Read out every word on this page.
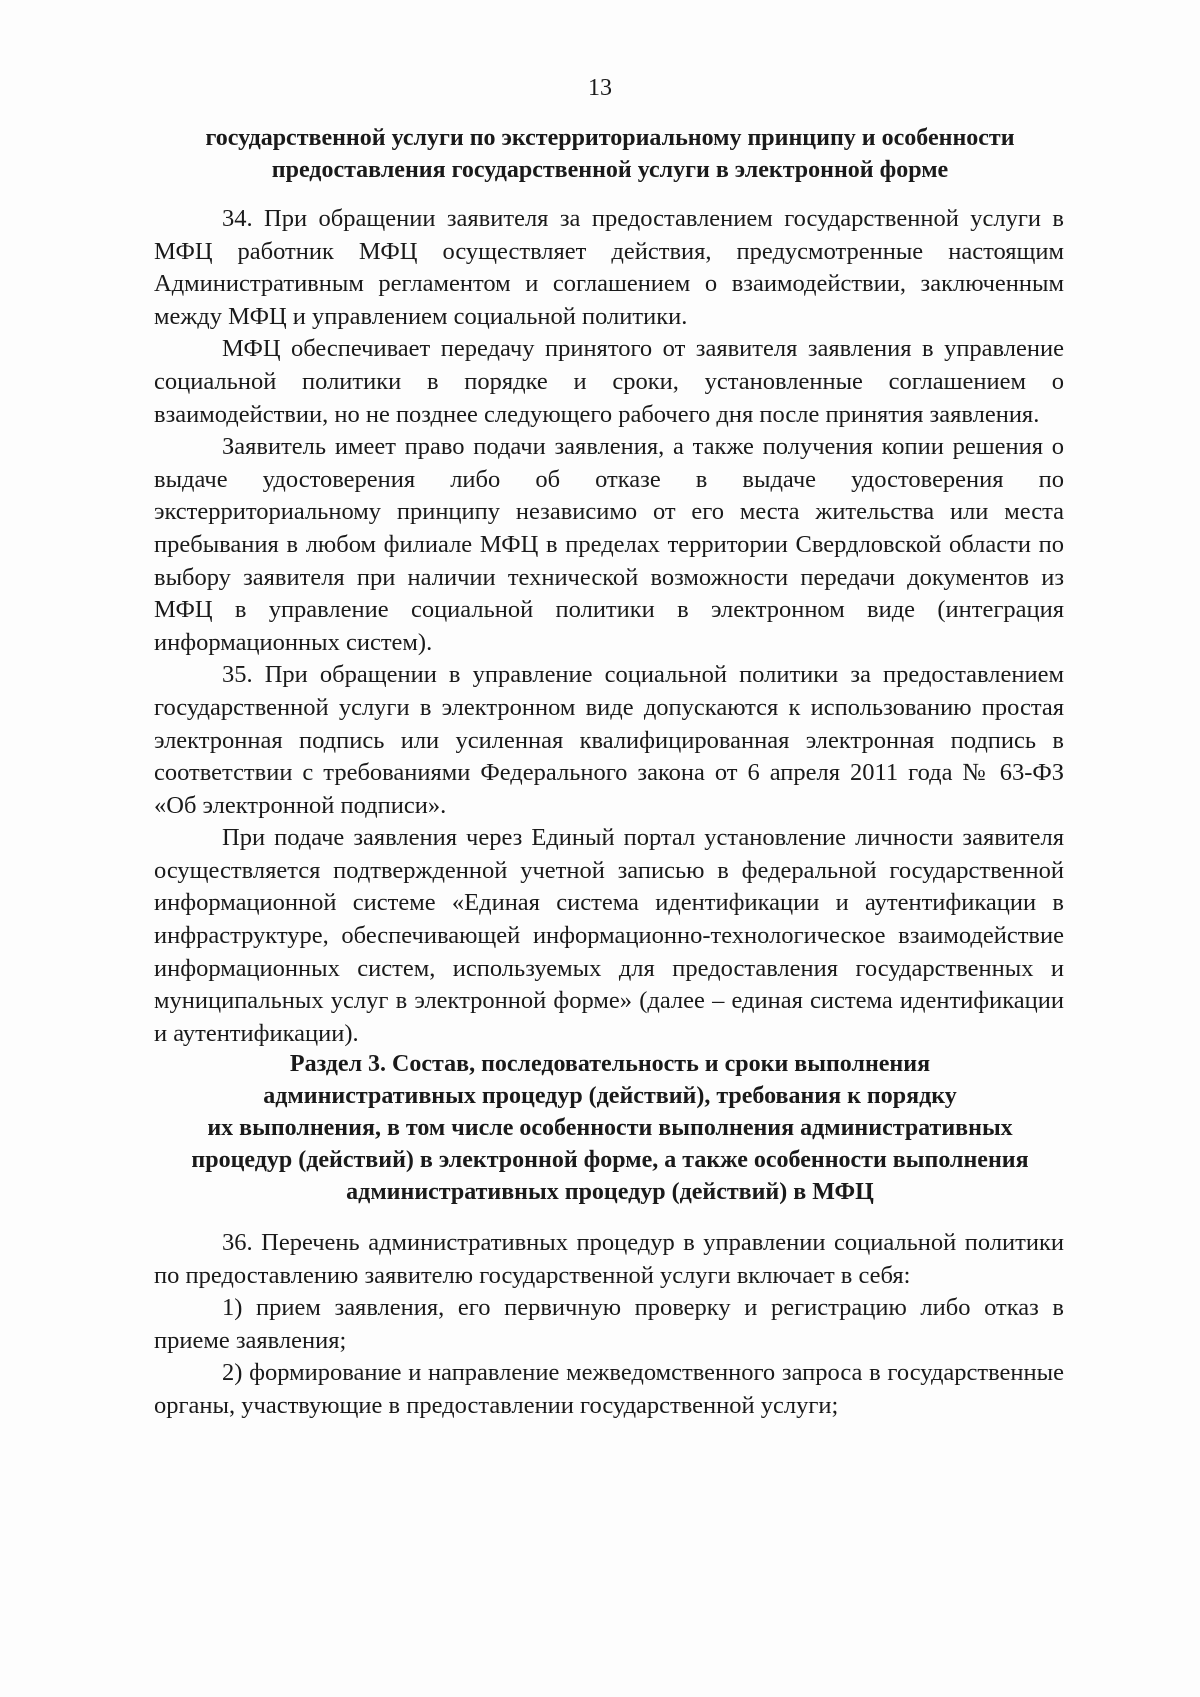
13
государственной услуги по экстерриториальному принципу и особенности
предоставления государственной услуги в электронной форме

34. При обращении заявителя за предоставлением государственной услуги в МФЦ работник МФЦ осуществляет действия, предусмотренные настоящим Административным регламентом и соглашением о взаимодействии, заключенным между МФЦ и управлением социальной политики.

МФЦ обеспечивает передачу принятого от заявителя заявления в управление социальной политики в порядке и сроки, установленные соглашением о взаимодействии, но не позднее следующего рабочего дня после принятия заявления.

Заявитель имеет право подачи заявления, а также получения копии решения о выдаче удостоверения либо об отказе в выдаче удостоверения по экстерриториальному принципу независимо от его места жительства или места пребывания в любом филиале МФЦ в пределах территории Свердловской области по выбору заявителя при наличии технической возможности передачи документов из МФЦ в управление социальной политики в электронном виде (интеграция информационных систем).

35. При обращении в управление социальной политики за предоставлением государственной услуги в электронном виде допускаются к использованию простая электронная подпись или усиленная квалифицированная электронная подпись в соответствии с требованиями Федерального закона от 6 апреля 2011 года № 63-ФЗ «Об электронной подписи».

При подаче заявления через Единый портал установление личности заявителя осуществляется подтвержденной учетной записью в федеральной государственной информационной системе «Единая система идентификации и аутентификации в инфраструктуре, обеспечивающей информационно-технологическое взаимодействие информационных систем, используемых для предоставления государственных и муниципальных услуг в электронной форме» (далее – единая система идентификации и аутентификации).

Раздел 3. Состав, последовательность и сроки выполнения
административных процедур (действий), требования к порядку
их выполнения, в том числе особенности выполнения административных
процедур (действий) в электронной форме, а также особенности выполнения
административных процедур (действий) в МФЦ

36. Перечень административных процедур в управлении социальной политики по предоставлению заявителю государственной услуги включает в себя:

1) прием заявления, его первичную проверку и регистрацию либо отказ в приеме заявления;

2) формирование и направление межведомственного запроса в государственные органы, участвующие в предоставлении государственной услуги;
